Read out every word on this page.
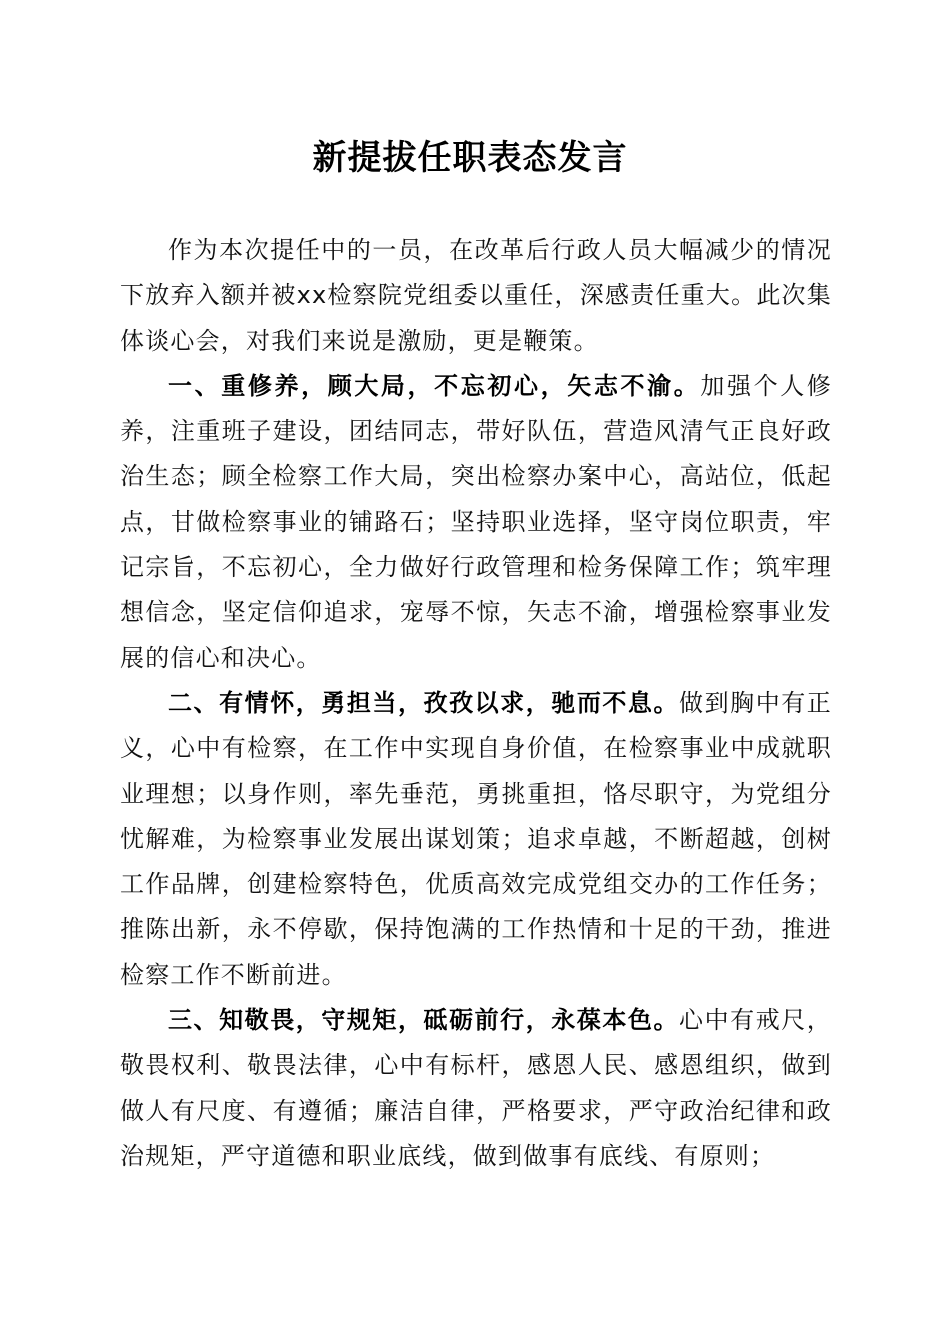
新提拔任职表态发言

作为本次提任中的一员，在改革后行政人员大幅减少的情况下放弃入额并被xx检察院党组委以重任，深感责任重大。此次集体谈心会，对我们来说是激励，更是鞭策。

一、重修养，顾大局，不忘初心，矢志不渝。加强个人修养，注重班子建设，团结同志，带好队伍，营造风清气正良好政治生态；顾全检察工作大局，突出检察办案中心，高站位，低起点，甘做检察事业的铺路石；坚持职业选择，坚守岗位职责，牢记宗旨，不忘初心，全力做好行政管理和检务保障工作；筑牢理想信念，坚定信仰追求，宠辱不惊，矢志不渝，增强检察事业发展的信心和决心。

二、有情怀，勇担当，孜孜以求，驰而不息。做到胸中有正义，心中有检察，在工作中实现自身价值，在检察事业中成就职业理想；以身作则，率先垂范，勇挑重担，恪尽职守，为党组分忧解难，为检察事业发展出谋划策；追求卓越，不断超越，创树工作品牌，创建检察特色，优质高效完成党组交办的工作任务；推陈出新，永不停歇，保持饱满的工作热情和十足的干劲，推进检察工作不断前进。

三、知敬畏，守规矩，砥砺前行，永葆本色。心中有戒尺，敬畏权利、敬畏法律，心中有标杆，感恩人民、感恩组织，做到做人有尺度、有遵循；廉洁自律，严格要求，严守政治纪律和政治规矩，严守道德和职业底线，做到做事有底线、有原则；
